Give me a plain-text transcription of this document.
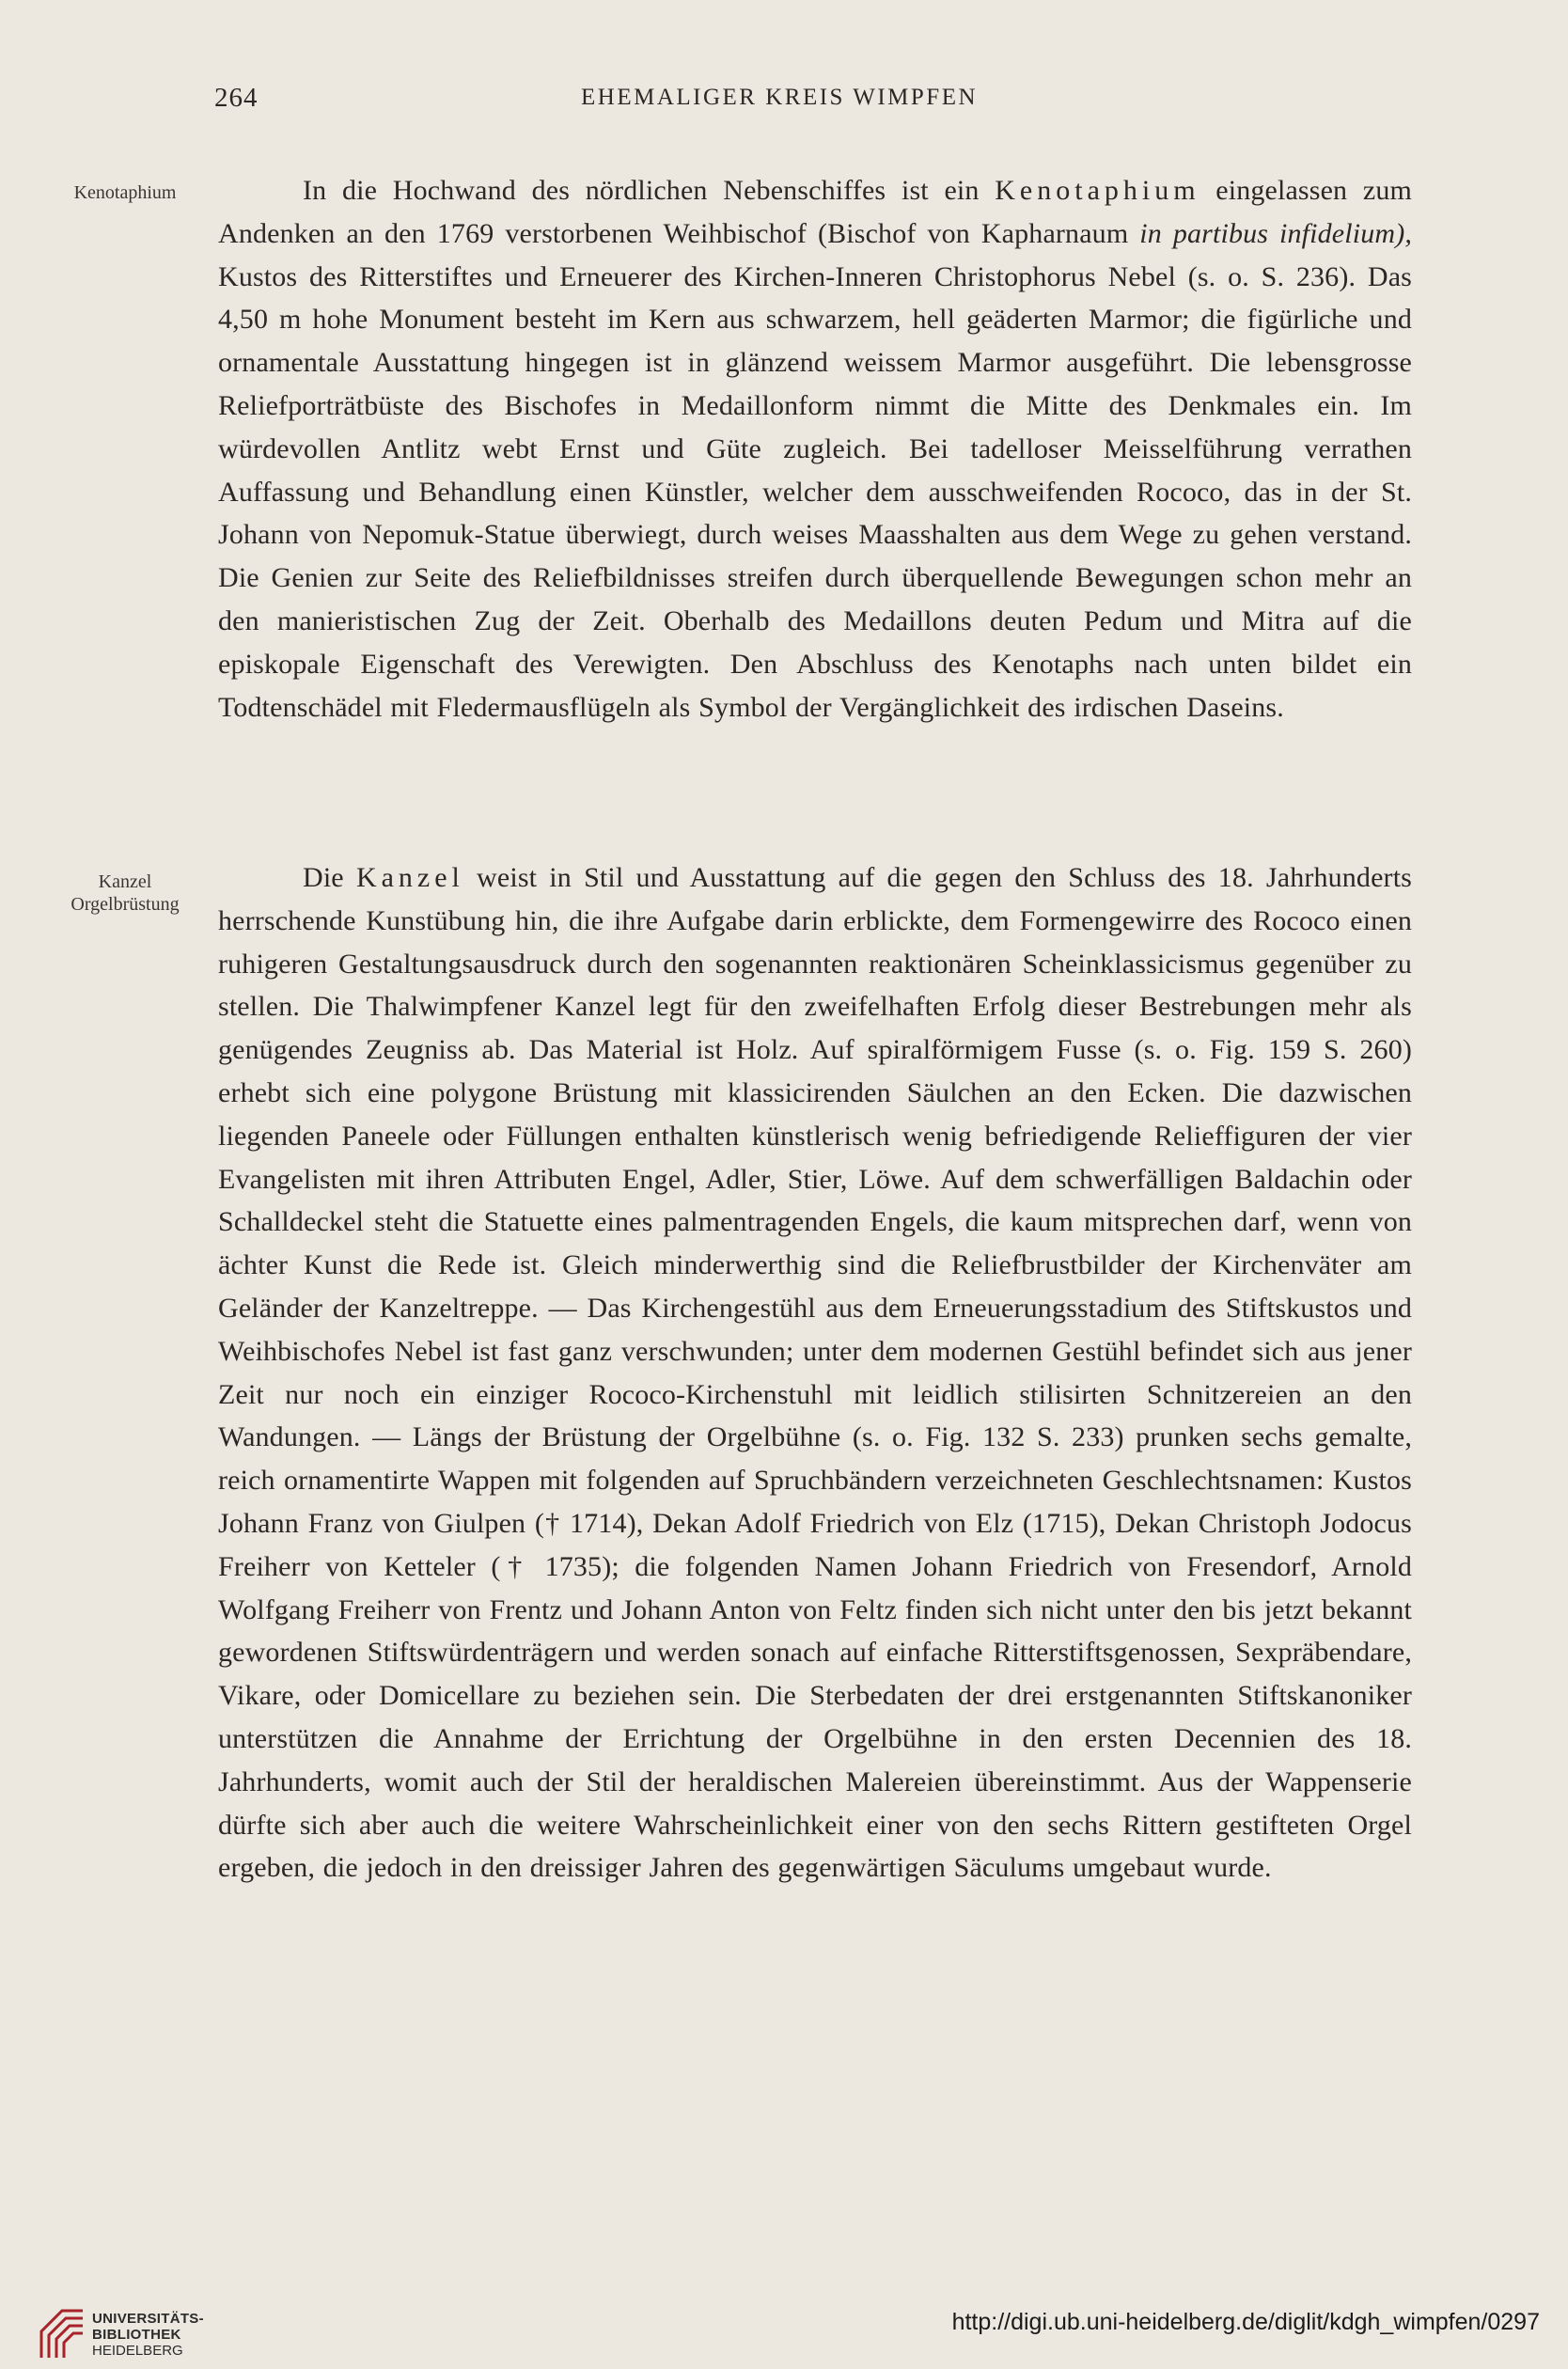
264	EHEMALIGER KREIS WIMPFEN
Kenotaphium
Kanzel
Orgelbrüstung

In die Hochwand des nördlichen Nebenschiffes ist ein Kenotaphium eingelassen zum Andenken an den 1769 verstorbenen Weihbischof (Bischof von Kapharnaum in partibus infidelium), Kustos des Ritterstiftes und Erneuerer des Kirchen-Inneren Christophorus Nebel (s. o. S. 236). Das 4,50 m hohe Monument besteht im Kern aus schwarzem, hell geäderten Marmor; die figürliche und ornamentale Ausstattung hingegen ist in glänzend weissem Marmor ausgeführt. Die lebensgrosse Reliefporträtbüste des Bischofes in Medaillonform nimmt die Mitte des Denkmales ein. Im würdevollen Antlitz webt Ernst und Güte zugleich. Bei tadelloser Meisselführung verrathen Auffassung und Behandlung einen Künstler, welcher dem ausschweifenden Rococo, das in der St. Johann von Nepomuk-Statue überwiegt, durch weises Maasshalten aus dem Wege zu gehen verstand. Die Genien zur Seite des Reliefbildnisses streifen durch überquellende Bewegungen schon mehr an den manieristischen Zug der Zeit. Oberhalb des Medaillons deuten Pedum und Mitra auf die episkopale Eigenschaft des Verewigten. Den Abschluss des Kenotaphs nach unten bildet ein Todtenschädel mit Fledermausflügeln als Symbol der Vergänglichkeit des irdischen Daseins.

Die Kanzel weist in Stil und Ausstattung auf die gegen den Schluss des 18. Jahrhunderts herrschende Kunstübung hin, die ihre Aufgabe darin erblickte, dem Formengewirre des Rococo einen ruhigeren Gestaltungsausdruck durch den sogenannten reaktionären Scheinklassicismus gegenüber zu stellen. Die Thalwimpfener Kanzel legt für den zweifelhaften Erfolg dieser Bestrebungen mehr als genügendes Zeugniss ab. Das Material ist Holz. Auf spiralförmigem Fusse (s. o. Fig. 159 S. 260) erhebt sich eine polygone Brüstung mit klassicirenden Säulchen an den Ecken. Die dazwischen liegenden Paneele oder Füllungen enthalten künstlerisch wenig befriedigende Relieffiguren der vier Evangelisten mit ihren Attributen Engel, Adler, Stier, Löwe. Auf dem schwerfälligen Baldachin oder Schalldeckel steht die Statuette eines palmentragenden Engels, die kaum mitsprechen darf, wenn von ächter Kunst die Rede ist. Gleich minderwerthig sind die Reliefbrustbilder der Kirchenväter am Geländer der Kanzeltreppe. — Das Kirchengestühl aus dem Erneuerungsstadium des Stiftskustos und Weihbischofes Nebel ist fast ganz verschwunden; unter dem modernen Gestühl befindet sich aus jener Zeit nur noch ein einziger Rococo-Kirchenstuhl mit leidlich stilisirten Schnitzereien an den Wandungen. — Längs der Brüstung der Orgelbühne (s. o. Fig. 132 S. 233) prunken sechs gemalte, reich ornamentirte Wappen mit folgenden auf Spruchbändern verzeichneten Geschlechtsnamen: Kustos Johann Franz von Giulpen († 1714), Dekan Adolf Friedrich von Elz (1715), Dekan Christoph Jodocus Freiherr von Ketteler († 1735); die folgenden Namen Johann Friedrich von Fresendorf, Arnold Wolfgang Freiherr von Frentz und Johann Anton von Feltz finden sich nicht unter den bis jetzt bekannt gewordenen Stiftswürdenträgern und werden sonach auf einfache Ritterstiftsgenossen, Sexpräbendare, Vikare, oder Domicellare zu beziehen sein. Die Sterbedaten der drei erstgenannten Stiftskanoniker unterstützen die Annahme der Errichtung der Orgelbühne in den ersten Decennien des 18. Jahrhunderts, womit auch der Stil der heraldischen Malereien übereinstimmt. Aus der Wappenserie dürfte sich aber auch die weitere Wahrscheinlichkeit einer von den sechs Rittern gestifteten Orgel ergeben, die jedoch in den dreissiger Jahren des gegenwärtigen Säculums umgebaut wurde.

UNIVERSITÄTS-
BIBLIOTHEK
HEIDELBERG
http://digi.ub.uni-heidelberg.de/diglit/kdgh_wimpfen/0297
